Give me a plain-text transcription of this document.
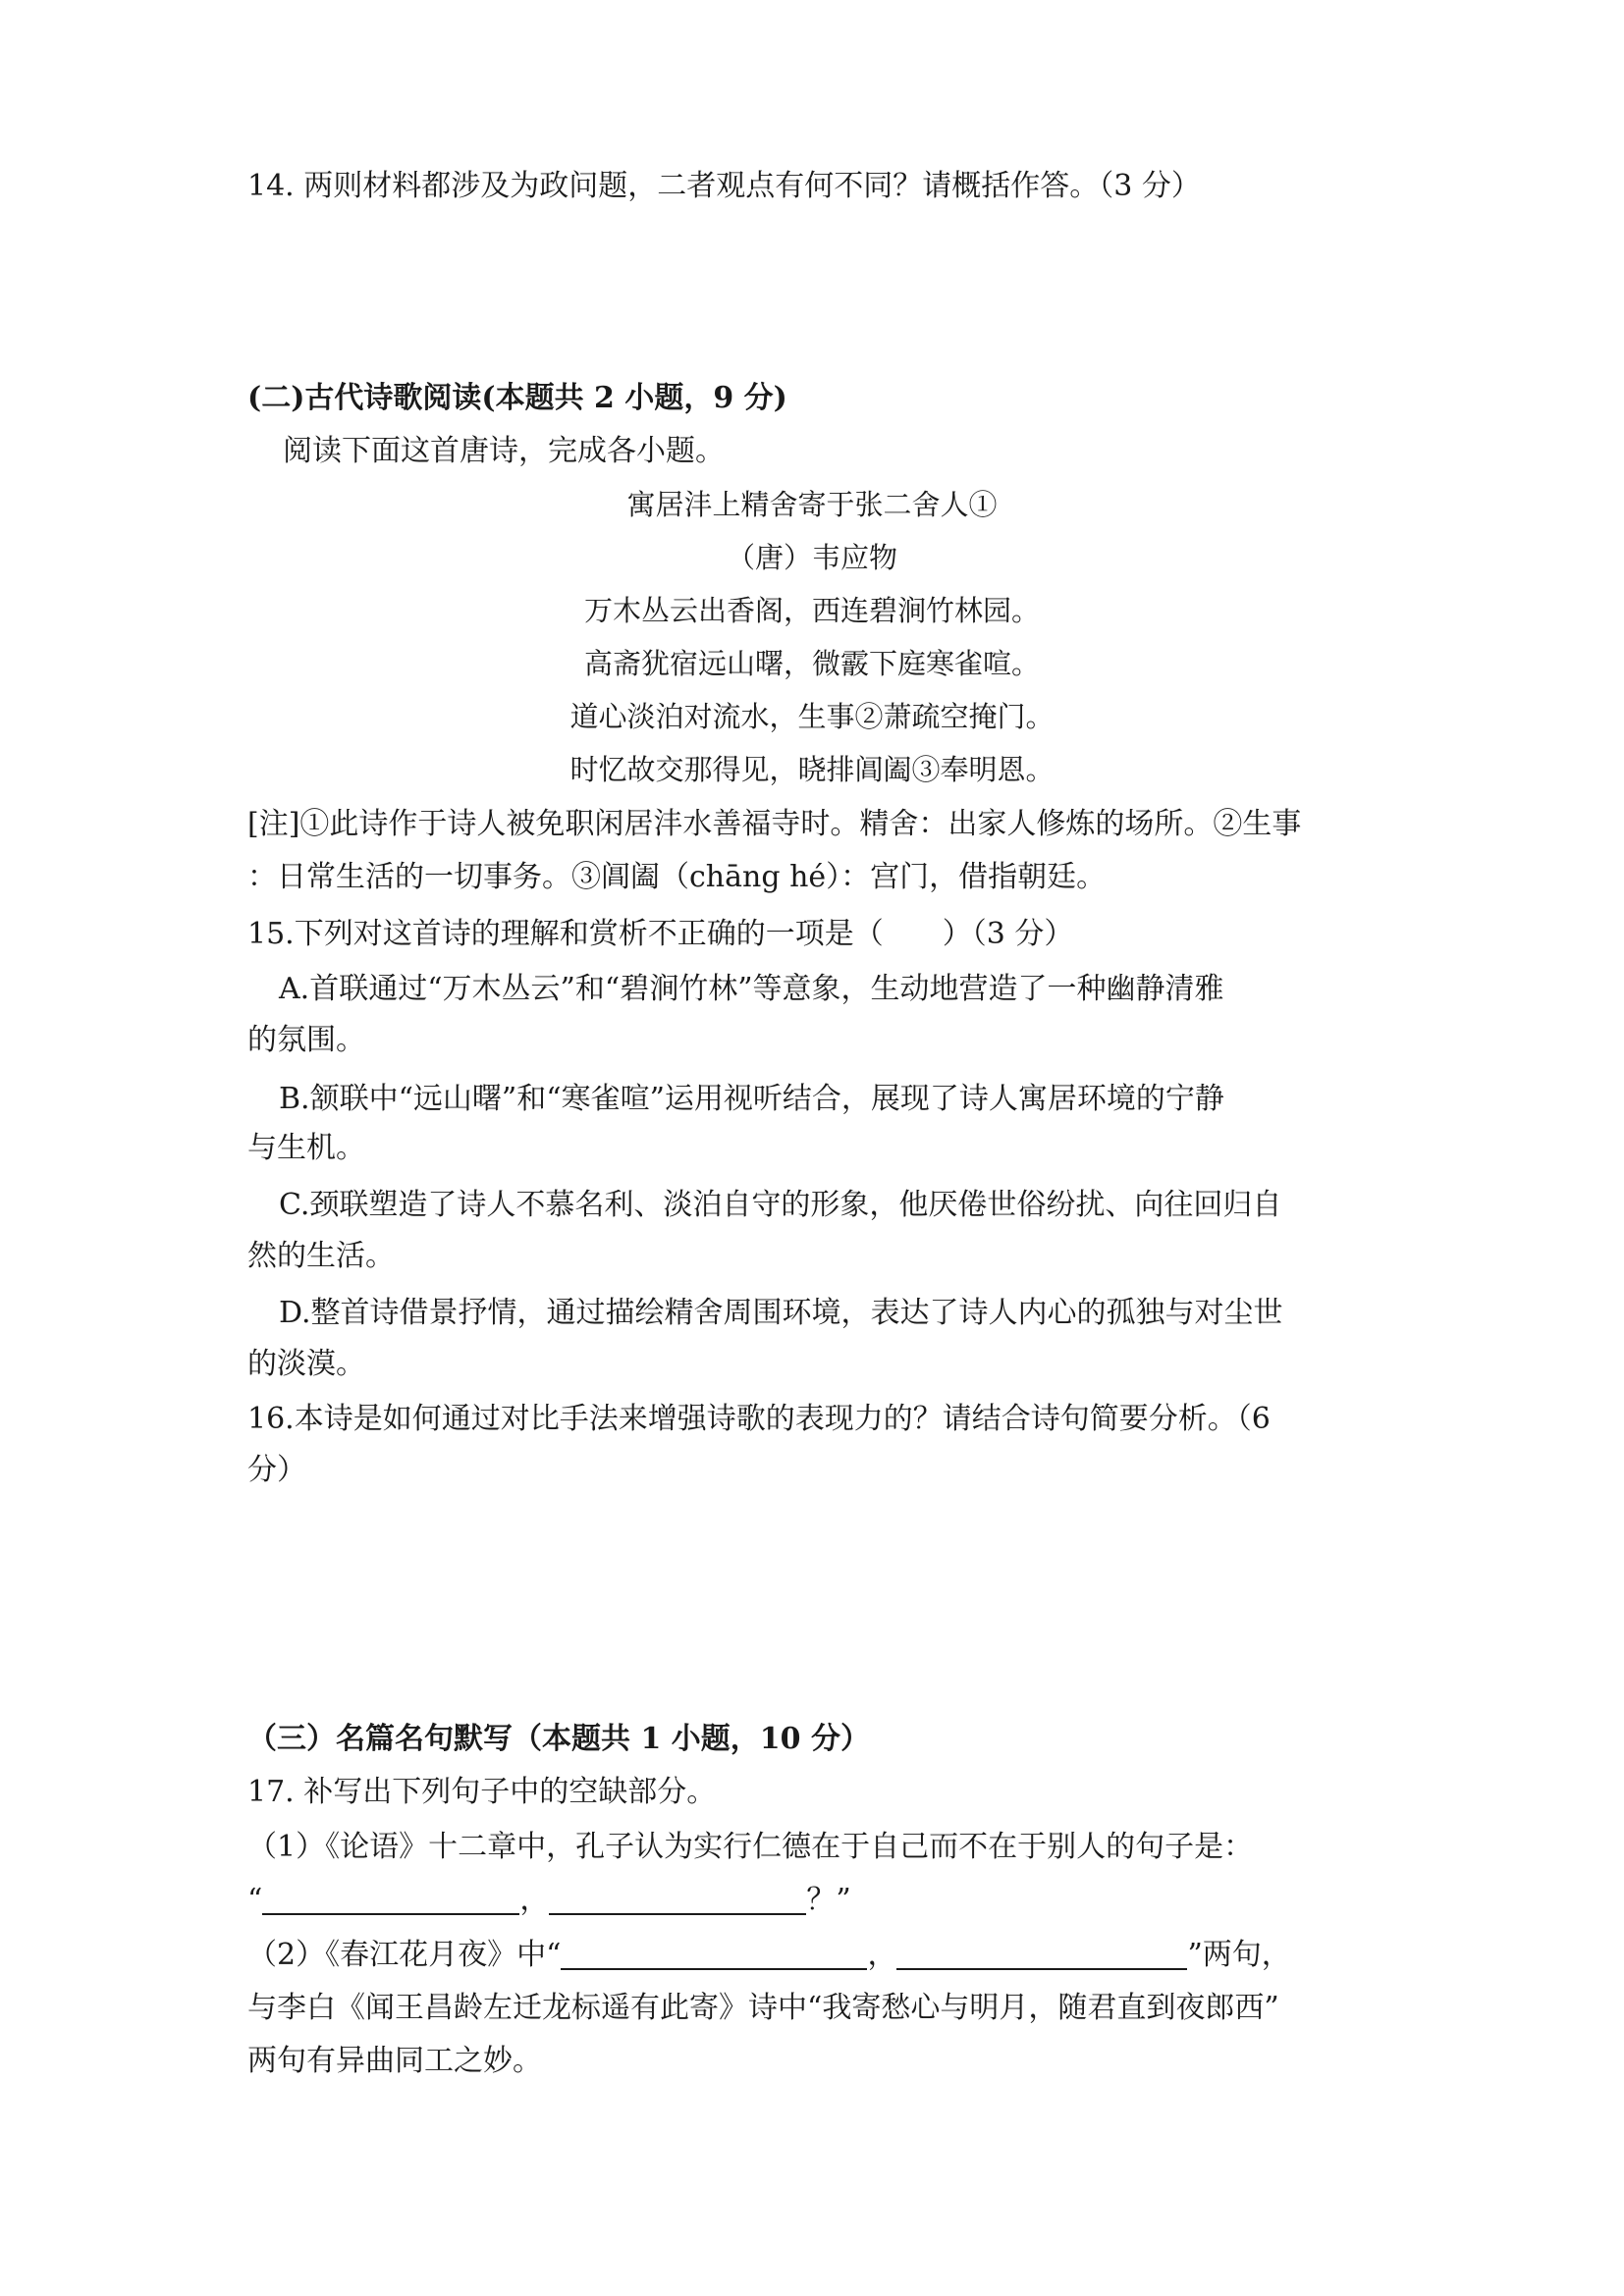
14. 两则材料都涉及为政问题，二者观点有何不同？请概括作答。（3 分）
(二)古代诗歌阅读(本题共 2 小题，9 分)
阅读下面这首唐诗，完成各小题。
寓居沣上精舍寄于张二舍人①
（唐）韦应物
万木丛云出香阁，西连碧涧竹林园。
高斋犹宿远山曙，微霰下庭寒雀喧。
道心淡泊对流水，生事②萧疏空掩门。
时忆故交那得见，晓排阊阖③奉明恩。
[注]①此诗作于诗人被免职闲居沣水善福寺时。精舍：出家人修炼的场所。②生事
：日常生活的一切事务。③阊阖（chāng hé）：宫门，借指朝廷。
15.下列对这首诗的理解和赏析不正确的一项是（　　）（3 分）
A.首联通过“万木丛云”和“碧涧竹林”等意象，生动地营造了一种幽静清雅
的氛围。
B.颔联中“远山曙”和“寒雀喧”运用视听结合，展现了诗人寓居环境的宁静
与生机。
C.颈联塑造了诗人不慕名利、淡泊自守的形象，他厌倦世俗纷扰、向往回归自
然的生活。
D.整首诗借景抒情，通过描绘精舍周围环境，表达了诗人内心的孤独与对尘世
的淡漠。
16.本诗是如何通过对比手法来增强诗歌的表现力的？请结合诗句简要分析。（6
分）
（三）名篇名句默写（本题共 1 小题，10 分）
17. 补写出下列句子中的空缺部分。
（1）《论语》十二章中，孔子认为实行仁德在于自己而不在于别人的句子是：
“	，	？”
（2）《春江花月夜》中“	，	”两句，
与李白《闻王昌龄左迁龙标遥有此寄》诗中“我寄愁心与明月，随君直到夜郎西”
两句有异曲同工之妙。
